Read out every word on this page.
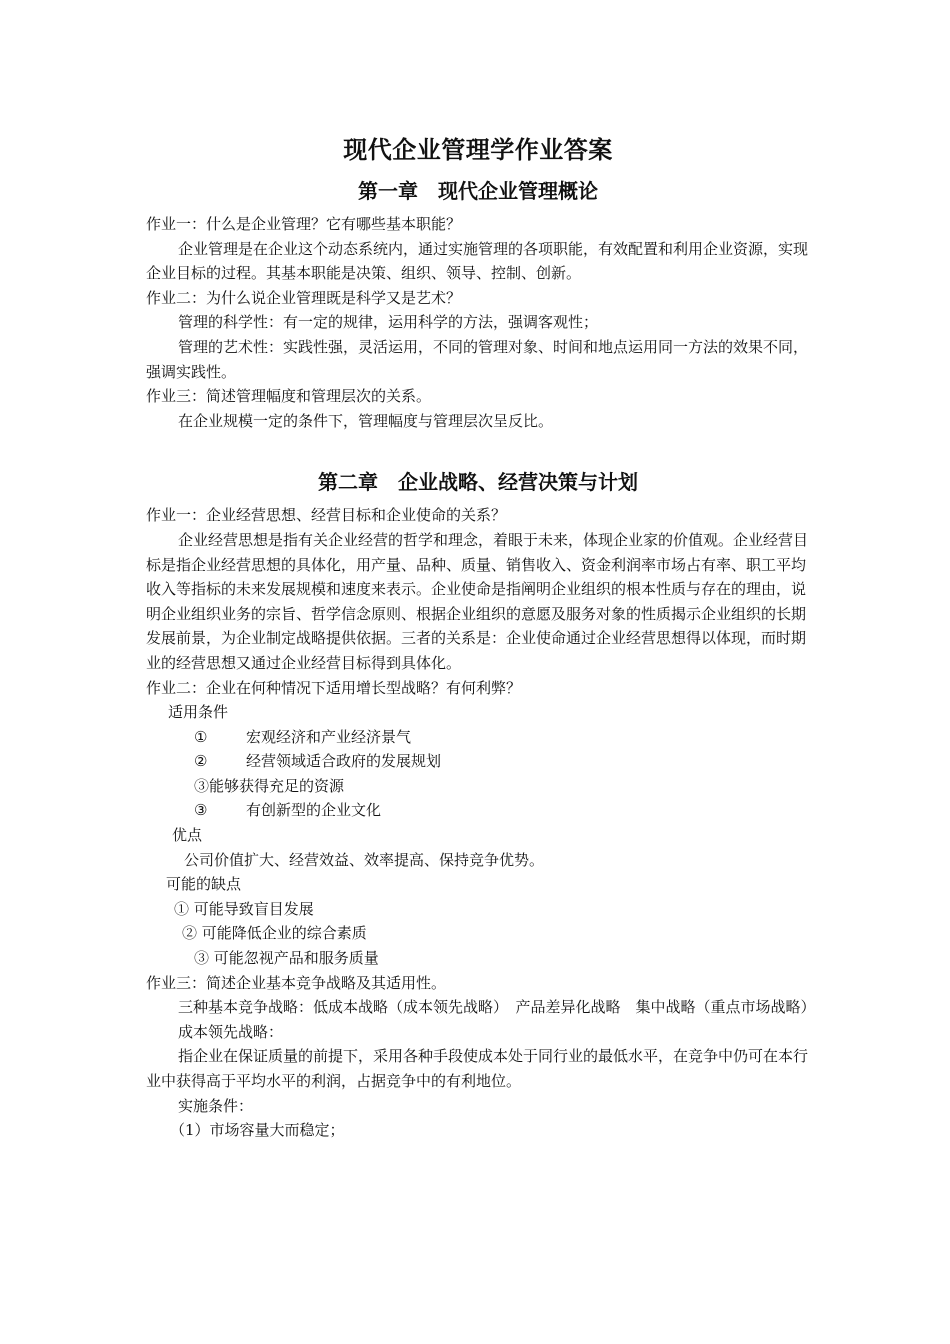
现代企业管理学作业答案
第一章　现代企业管理概论

作业一：什么是企业管理？它有哪些基本职能？

企业管理是在企业这个动态系统内，通过实施管理的各项职能，有效配置和利用企业资源，实现企业目标的过程。其基本职能是决策、组织、领导、控制、创新。

作业二：为什么说企业管理既是科学又是艺术？

管理的科学性：有一定的规律，运用科学的方法，强调客观性；

管理的艺术性：实践性强，灵活运用，不同的管理对象、时间和地点运用同一方法的效果不同，强调实践性。

作业三：简述管理幅度和管理层次的关系。

在企业规模一定的条件下，管理幅度与管理层次呈反比。

第二章　企业战略、经营决策与计划

作业一：企业经营思想、经营目标和企业使命的关系？

企业经营思想是指有关企业经营的哲学和理念，着眼于未来，体现企业家的价值观。企业经营目标是指企业经营思想的具体化，用产量、品种、质量、销售收入、资金利润率市场占有率、职工平均收入等指标的未来发展规模和速度来表示。企业使命是指阐明企业组织的根本性质与存在的理由，说明企业组织业务的宗旨、哲学信念原则、根据企业组织的意愿及服务对象的性质揭示企业组织的长期发展前景，为企业制定战略提供依据。三者的关系是：企业使命通过企业经营思想得以体现，而时期业的经营思想又通过企业经营目标得到具体化。

作业二：企业在何种情况下适用增长型战略？有何利弊？

适用条件

①	宏观经济和产业经济景气

②	经营领域适合政府的发展规划

③能够获得充足的资源

③	有创新型的企业文化

优点

公司价值扩大、经营效益、效率提高、保持竞争优势。

可能的缺点

① 可能导致盲目发展

② 可能降低企业的综合素质

③ 可能忽视产品和服务质量

作业三：简述企业基本竞争战略及其适用性。

三种基本竞争战略：低成本战略（成本领先战略）　产品差异化战略　集中战略（重点市场战略）

成本领先战略：

指企业在保证质量的前提下，采用各种手段使成本处于同行业的最低水平，在竞争中仍可在本行业中获得高于平均水平的利润，占据竞争中的有利地位。

实施条件：

（1）市场容量大而稳定；
